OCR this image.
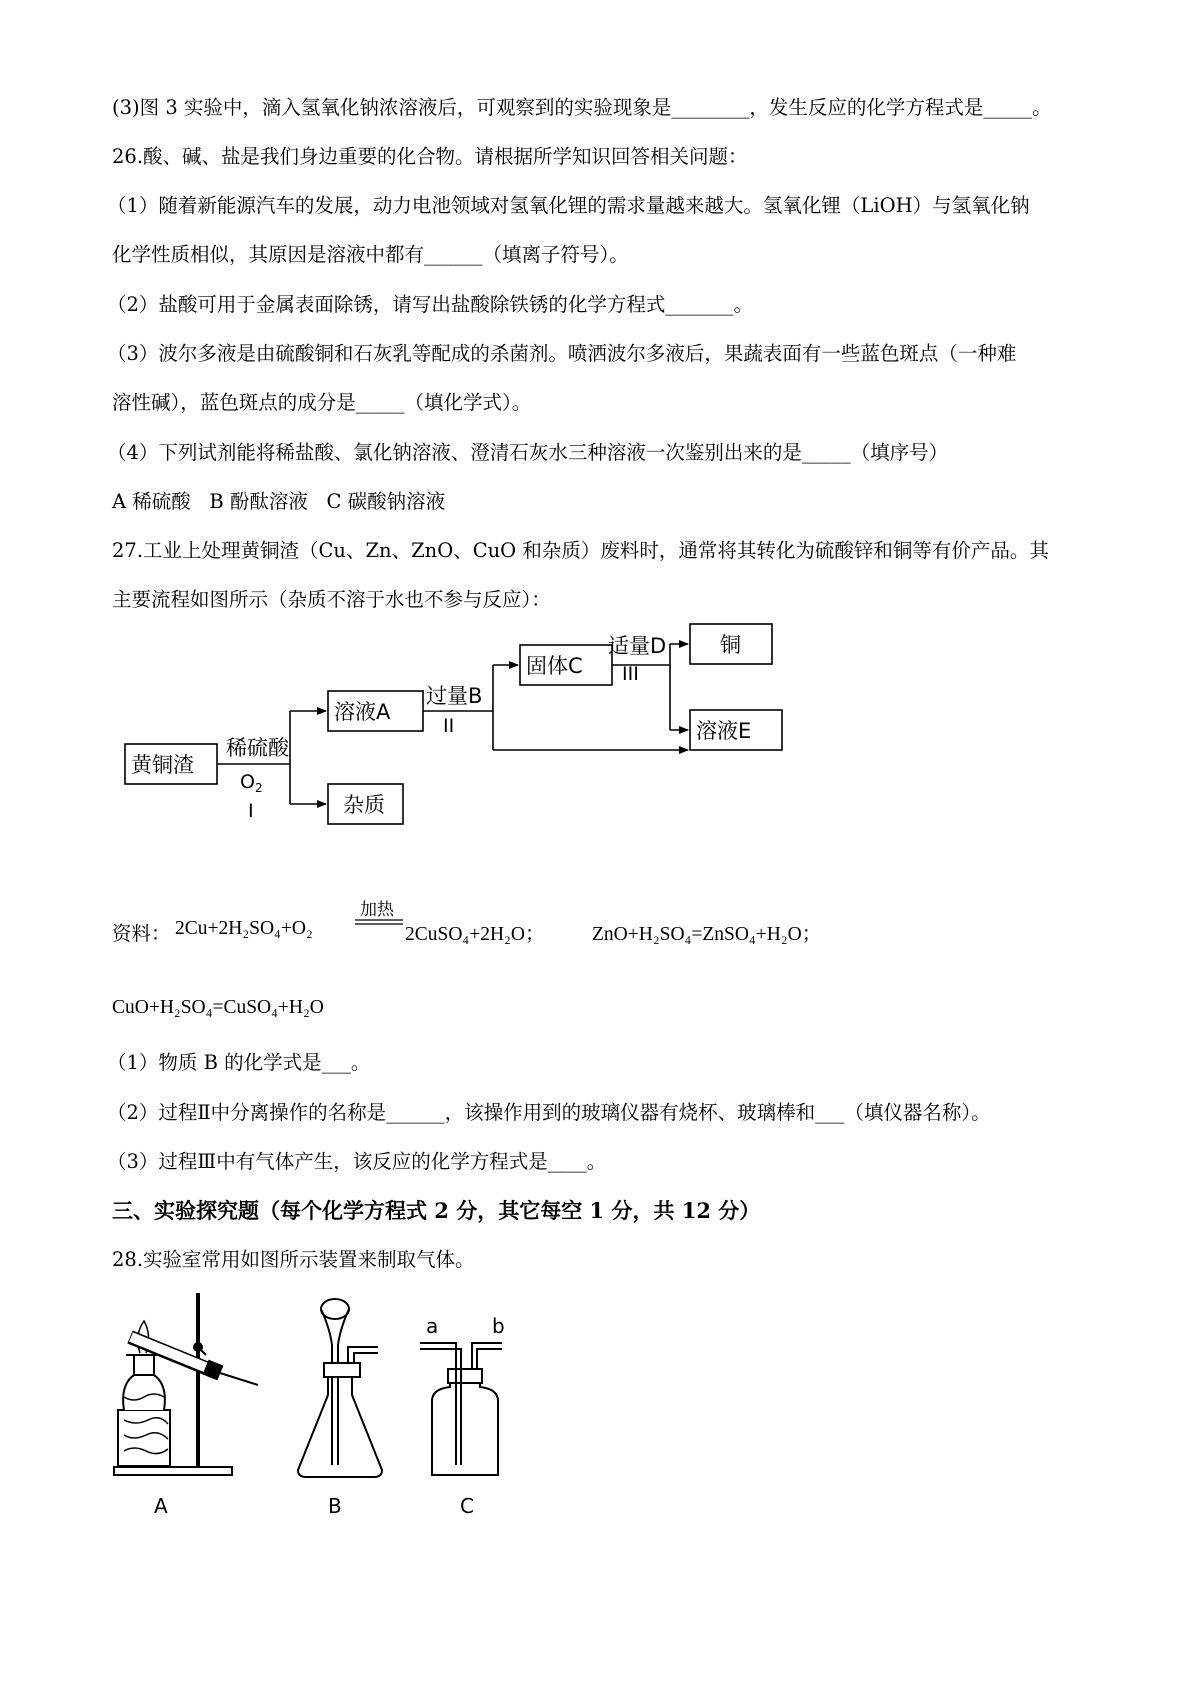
(3)图 3 实验中，滴入氢氧化钠浓溶液后，可观察到的实验现象是________，发生反应的化学方程式是_____。
26.酸、碱、盐是我们身边重要的化合物。请根据所学知识回答相关问题：
（1）随着新能源汽车的发展，动力电池领域对氢氧化锂的需求量越来越大。氢氧化锂（LiOH）与氢氧化钠
化学性质相似，其原因是溶液中都有______（填离子符号）。
（2）盐酸可用于金属表面除锈，请写出盐酸除铁锈的化学方程式_______。
（3）波尔多液是由硫酸铜和石灰乳等配成的杀菌剂。喷洒波尔多液后，果蔬表面有一些蓝色斑点（一种难
溶性碱），蓝色斑点的成分是_____（填化学式）。
（4）下列试剂能将稀盐酸、氯化钠溶液、澄清石灰水三种溶液一次鉴别出来的是_____（填序号）
A 稀硫酸   B 酚酞溶液   C 碳酸钠溶液
27.工业上处理黄铜渣（Cu、Zn、ZnO、CuO 和杂质）废料时，通常将其转化为硫酸锌和铜等有价产品。其
主要流程如图所示（杂质不溶于水也不参与反应）：
黄铜渣
稀硫酸
$O_2$
I
溶液A
杂质
过量B
II
固体C
适量D
III
铜
溶液E
资料： 2Cu+2H₂SO₄+O₂
加热
2CuSO₄+2H₂O； ZnO+H₂SO₄=ZnSO₄+H₂O；
CuO+H₂SO₄=CuSO₄+H₂O
（1）物质 B 的化学式是___。
（2）过程Ⅱ中分离操作的名称是______，该操作用到的玻璃仪器有烧杯、玻璃棒和___（填仪器名称）。
（3）过程Ⅲ中有气体产生，该反应的化学方程式是____。
三、实验探究题（每个化学方程式 2 分，其它每空 1 分，共 12 分）
28.实验室常用如图所示装置来制取气体。
A	B	C
a	b
